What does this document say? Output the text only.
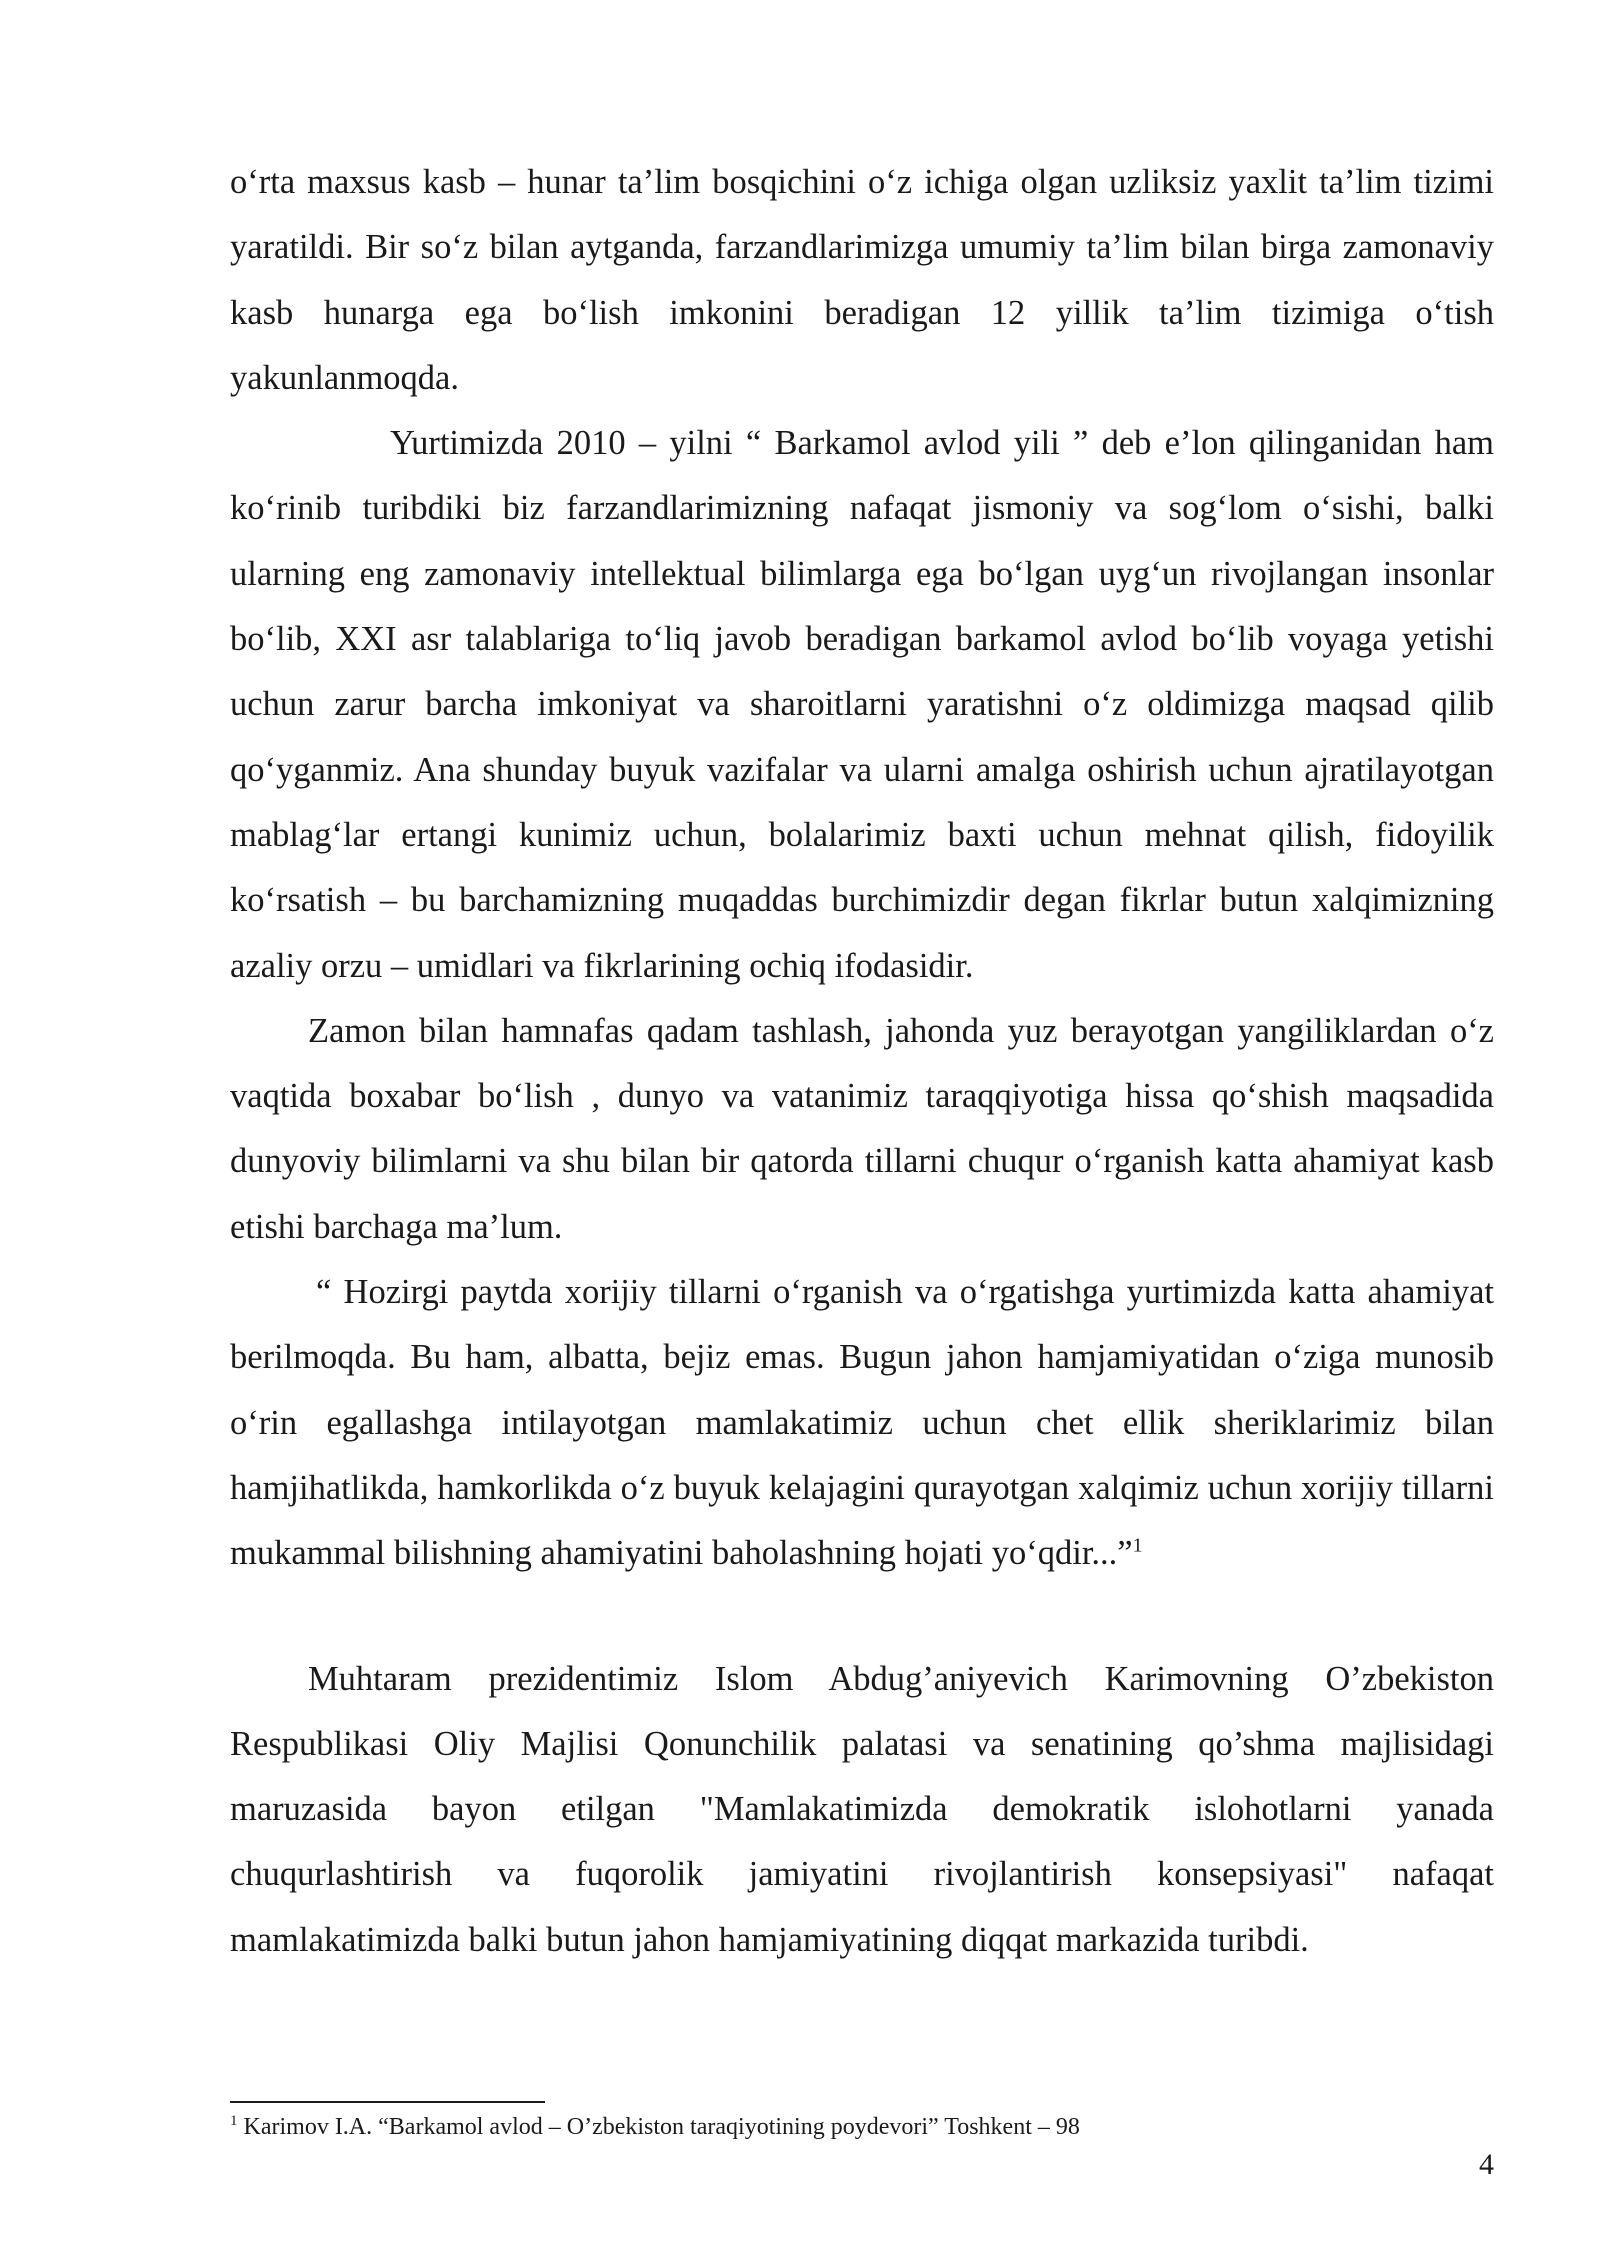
o‘rta maxsus kasb – hunar ta’lim bosqichini o‘z ichiga olgan uzliksiz yaxlit ta’lim tizimi yaratildi. Bir so‘z bilan aytganda, farzandlarimizga umumiy ta’lim bilan birga zamonaviy kasb hunarga ega bo‘lish imkonini beradigan 12 yillik ta’lim tizimiga o‘tish yakunlanmoqda.

Yurtimizda 2010 – yilni “ Barkamol avlod yili ” deb e’lon qilinganidan ham ko‘rinib turibdiki biz farzandlarimizning nafaqat jismoniy va sog‘lom o‘sishi, balki ularning eng zamonaviy intellektual bilimlarga ega bo‘lgan uyg‘un rivojlangan insonlar bo‘lib, XXI asr talablariga to‘liq javob beradigan barkamol avlod bo‘lib voyaga yetishi uchun zarur barcha imkoniyat va sharoitlarni yaratishni o‘z oldimizga maqsad qilib qo‘yganmiz. Ana shunday buyuk vazifalar va ularni amalga oshirish uchun ajratilayotgan mablag‘lar ertangi kunimiz uchun, bolalarimiz baxti uchun mehnat qilish, fidoyilik ko‘rsatish – bu barchamizning muqaddas burchimizdir degan fikrlar butun xalqimizning azaliy orzu – umidlari va fikrlarining ochiq ifodasidir.

Zamon bilan hamnafas qadam tashlash, jahonda yuz berayotgan yangiliklardan o‘z vaqtida boxabar bo‘lish , dunyo va vatanimiz taraqqiyotiga hissa qo‘shish maqsadida dunyoviy bilimlarni va shu bilan bir qatorda tillarni chuqur o‘rganish katta ahamiyat kasb etishi barchaga ma’lum.

“ Hozirgi paytda xorijiy tillarni o‘rganish va o‘rgatishga yurtimizda katta ahamiyat berilmoqda. Bu ham, albatta, bejiz emas. Bugun jahon hamjamiyatidan o‘ziga munosib o‘rin egallashga intilayotgan mamlakatimiz uchun chet ellik sheriklarimiz bilan hamjihatlikda, hamkorlikda o‘z buyuk kelajagini qurayotgan xalqimiz uchun xorijiy tillarni mukammal bilishning ahamiyatini baholashning hojati yo‘qdir...”$^1$

Muhtaram prezidentimiz Islom Abdug’aniyevich Karimovning O’zbekiston Respublikasi Oliy Majlisi Qonunchilik palatasi va senatining qo’shma majlisidagi maruzasida bayon etilgan "Mamlakatimizda demokratik islohotlarni yanada chuqurlashtirish va fuqorolik jamiyatini rivojlantirish konsepsiyasi" nafaqat mamlakatimizda balki butun jahon hamjamiyatining diqqat markazida turibdi.

$^1$ Karimov I.A. “Barkamol avlod – O’zbekiston taraqiyotining poydevori” Toshkent – 98
4
